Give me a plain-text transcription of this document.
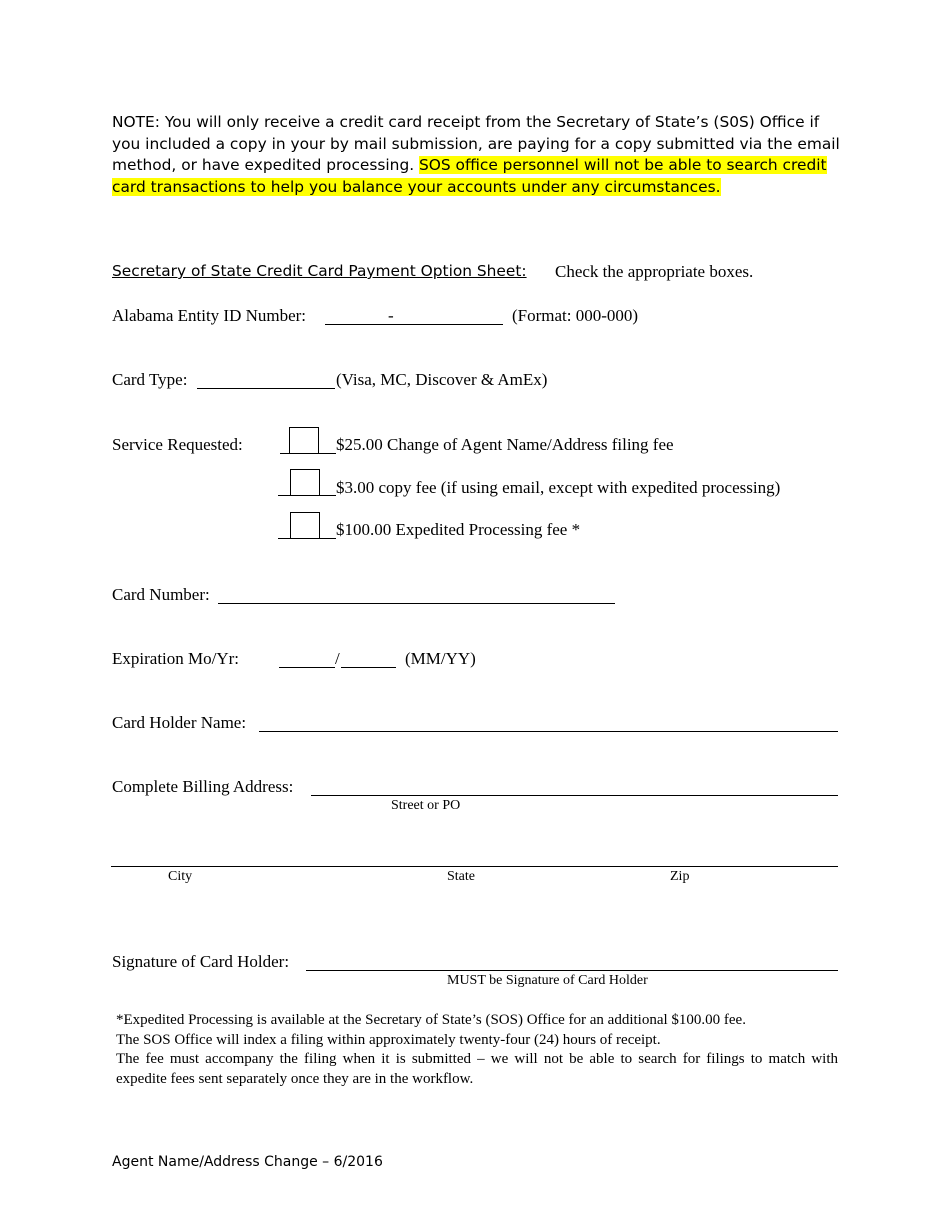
NOTE: You will only receive a credit card receipt from the Secretary of State’s (S0S) Office if you included a copy in your by mail submission, are paying for a copy submitted via the email method, or have expedited processing. SOS office personnel will not be able to search credit card transactions to help you balance your accounts under any circumstances.
Secretary of State Credit Card Payment Option Sheet: Check the appropriate boxes.
Alabama Entity ID Number:	-	(Format: 000-000)
Card Type:	(Visa, MC, Discover & AmEx)
Service Requested:	$25.00 Change of Agent Name/Address filing fee
$3.00 copy fee (if using email, except with expedited processing)
$100.00 Expedited Processing fee *
Card Number:
Expiration Mo/Yr:	/	(MM/YY)
Card Holder Name:
Complete Billing Address:
Street or PO
City	State	Zip
Signature of Card Holder:
MUST be Signature of Card Holder
*Expedited Processing is available at the Secretary of State’s (SOS) Office for an additional $100.00 fee.
The SOS Office will index a filing within approximately twenty-four (24) hours of receipt.
The fee must accompany the filing when it is submitted – we will not be able to search for filings to match with expedite fees sent separately once they are in the workflow.
Agent Name/Address Change – 6/2016
